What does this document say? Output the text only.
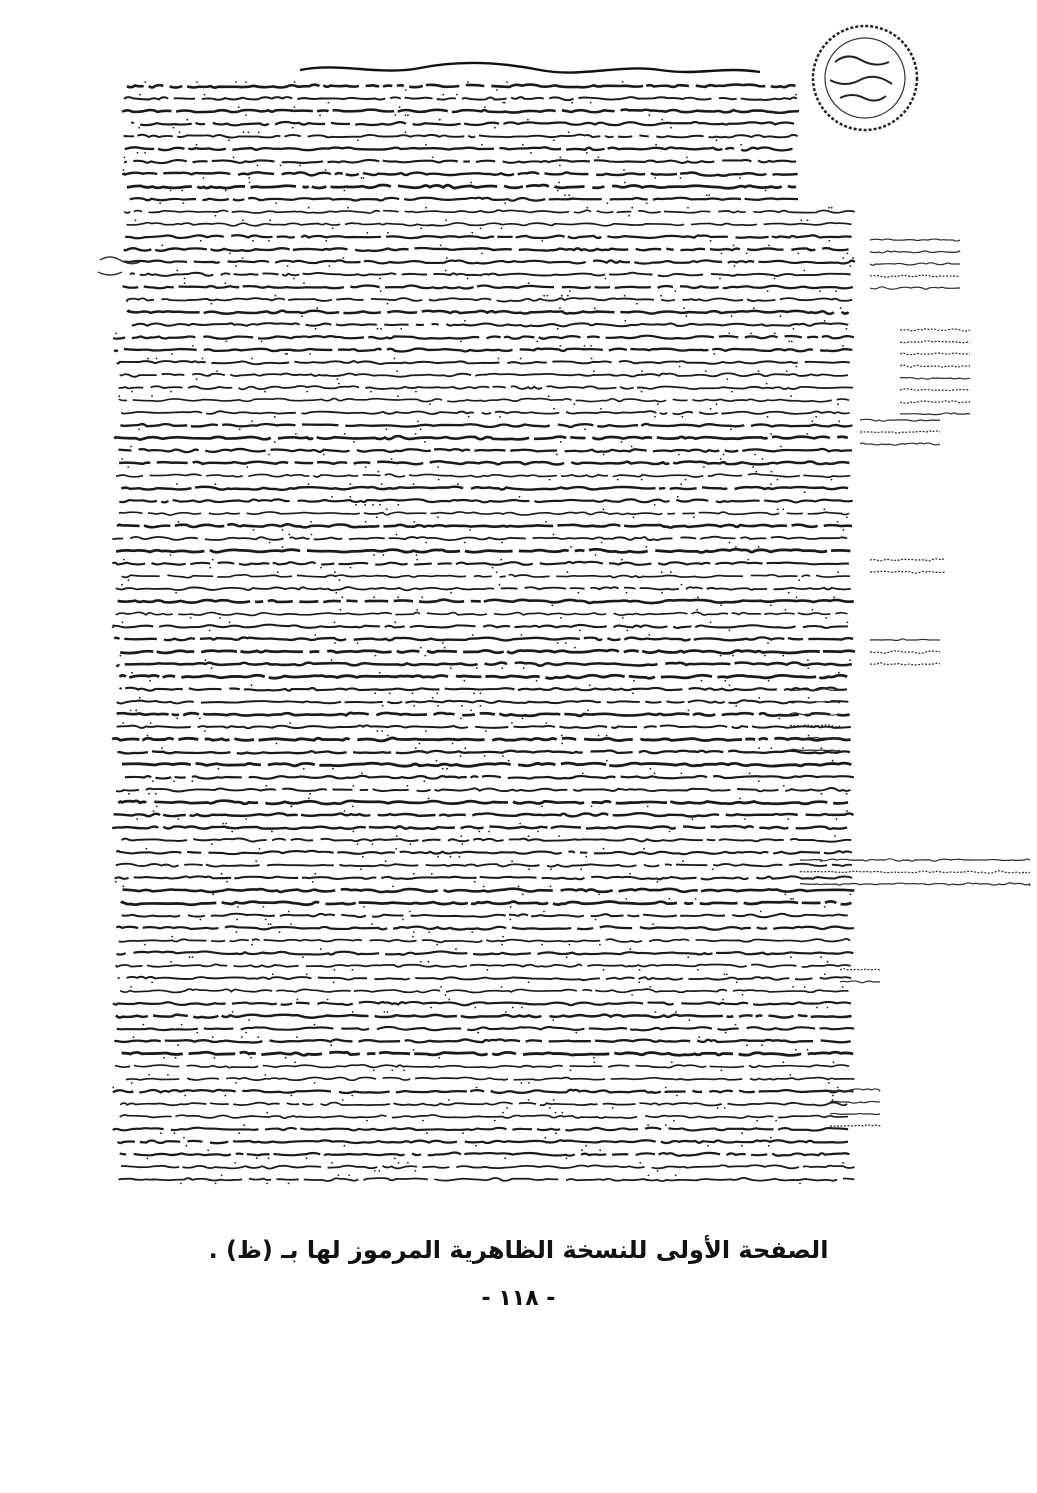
الصفحة الأولى للنسخة الظاهرية المرموز لها بـ (ظ) .
- ١١٨ -
